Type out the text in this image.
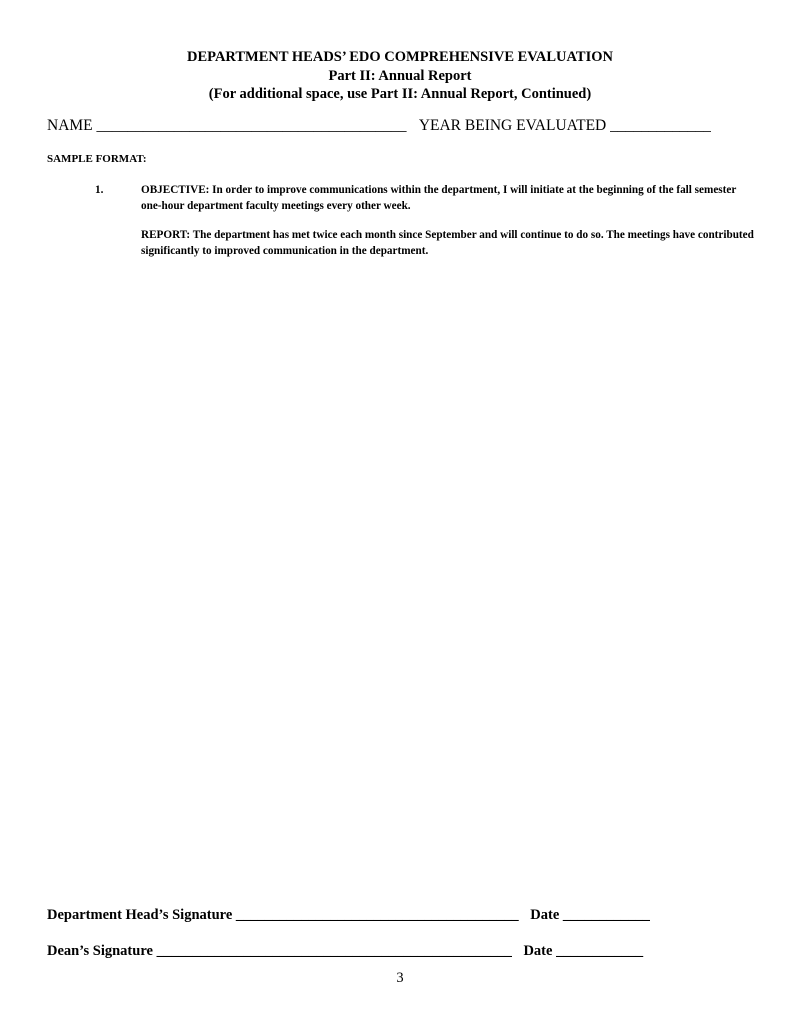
DEPARTMENT HEADS’ EDO COMPREHENSIVE EVALUATION
Part II: Annual Report
(For additional space, use Part II: Annual Report, Continued)
NAME ________________________________________ YEAR BEING EVALUATED _____________
SAMPLE FORMAT:
1.	OBJECTIVE: In order to improve communications within the department, I will initiate at the beginning of the fall semester one-hour department faculty meetings every other week.

REPORT: The department has met twice each month since September and will continue to do so. The meetings have contributed significantly to improved communication in the department.

Department Head’s Signature _______________________________________ Date ____________
Dean’s Signature _________________________________________________ Date ____________
3
